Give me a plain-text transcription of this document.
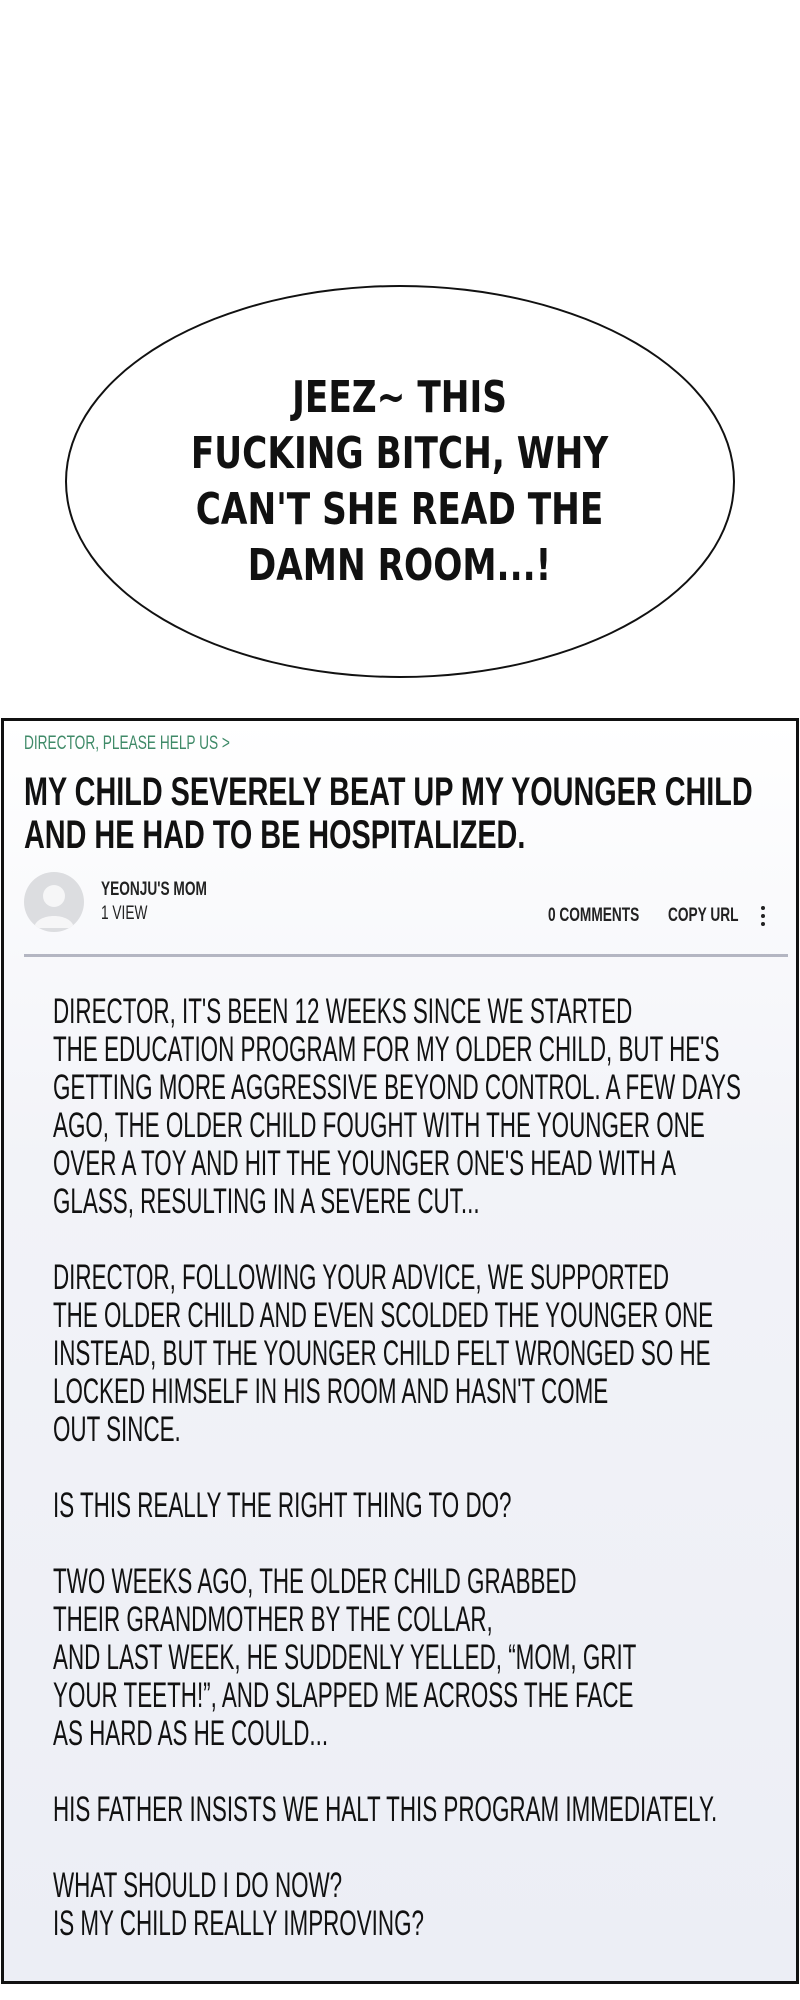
JEEZ~ THIS
FUCKING BITCH, WHY
CAN'T SHE READ THE
DAMN ROOM...!
DIRECTOR, PLEASE HELP US >
MY CHILD SEVERELY BEAT UP MY YOUNGER CHILD
AND HE HAD TO BE HOSPITALIZED.
YEONJU'S MOM
1 VIEW	0 COMMENTS	COPY URL
DIRECTOR, IT'S BEEN 12 WEEKS SINCE WE STARTED
THE EDUCATION PROGRAM FOR MY OLDER CHILD, BUT HE'S
GETTING MORE AGGRESSIVE BEYOND CONTROL. A FEW DAYS
AGO, THE OLDER CHILD FOUGHT WITH THE YOUNGER ONE
OVER A TOY AND HIT THE YOUNGER ONE'S HEAD WITH A
GLASS, RESULTING IN A SEVERE CUT...
DIRECTOR, FOLLOWING YOUR ADVICE, WE SUPPORTED
THE OLDER CHILD AND EVEN SCOLDED THE YOUNGER ONE
INSTEAD, BUT THE YOUNGER CHILD FELT WRONGED SO HE
LOCKED HIMSELF IN HIS ROOM AND HASN'T COME
OUT SINCE.
IS THIS REALLY THE RIGHT THING TO DO?
TWO WEEKS AGO, THE OLDER CHILD GRABBED
THEIR GRANDMOTHER BY THE COLLAR,
AND LAST WEEK, HE SUDDENLY YELLED, “MOM, GRIT
YOUR TEETH!”, AND SLAPPED ME ACROSS THE FACE
AS HARD AS HE COULD...
HIS FATHER INSISTS WE HALT THIS PROGRAM IMMEDIATELY.
WHAT SHOULD I DO NOW?
IS MY CHILD REALLY IMPROVING?
